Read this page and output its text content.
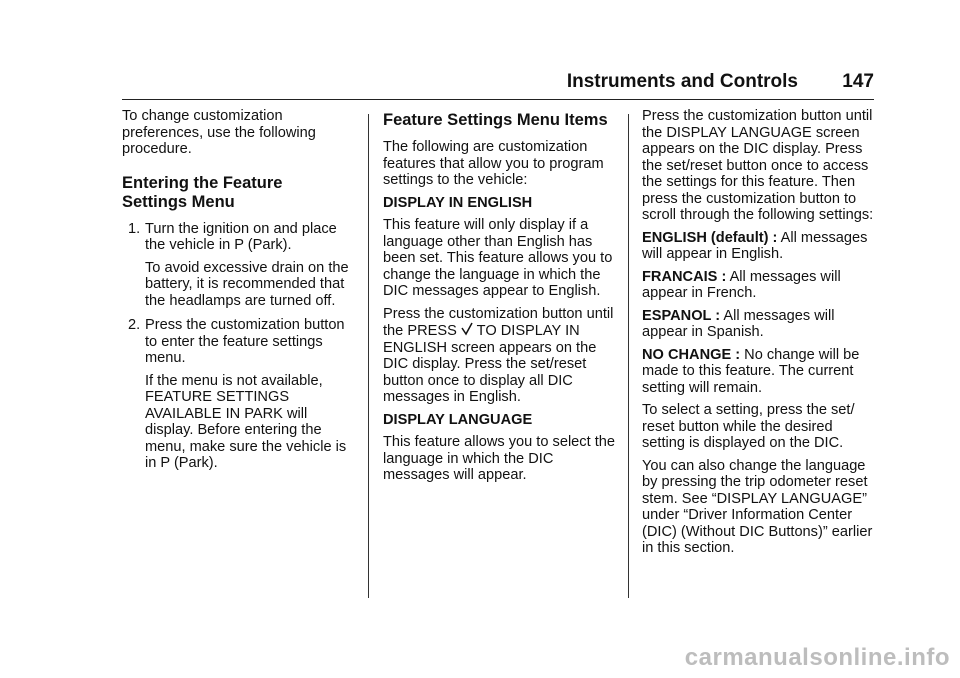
Instruments and Controls 147

To change customization preferences, use the following procedure.

Entering the Feature
Settings Menu
1. Turn the ignition on and place the vehicle in P (Park).

To avoid excessive drain on the battery, it is recommended that the headlamps are turned off.

2. Press the customization button to enter the feature settings menu.

If the menu is not available, FEATURE SETTINGS AVAILABLE IN PARK will display. Before entering the menu, make sure the vehicle is in P (Park).

Feature Settings Menu Items

The following are customization features that allow you to program settings to the vehicle:

DISPLAY IN ENGLISH

This feature will only display if a language other than English has been set. This feature allows you to change the language in which the DIC messages appear to English.

Press the customization button until the PRESS  TO DISPLAY IN ENGLISH screen appears on the DIC display. Press the set/reset button once to display all DIC messages in English.

DISPLAY LANGUAGE

This feature allows you to select the language in which the DIC messages will appear.

Press the customization button until the DISPLAY LANGUAGE screen appears on the DIC display. Press the set/reset button once to access the settings for this feature. Then press the customization button to scroll through the following settings:

ENGLISH (default) : All messages will appear in English.

FRANCAIS : All messages will appear in French.

ESPANOL : All messages will appear in Spanish.

NO CHANGE : No change will be made to this feature. The current setting will remain.

To select a setting, press the set/ reset button while the desired setting is displayed on the DIC.

You can also change the language by pressing the trip odometer reset stem. See “DISPLAY LANGUAGE” under “Driver Information Center (DIC) (Without DIC Buttons)” earlier in this section.

carmanualsonline.info
